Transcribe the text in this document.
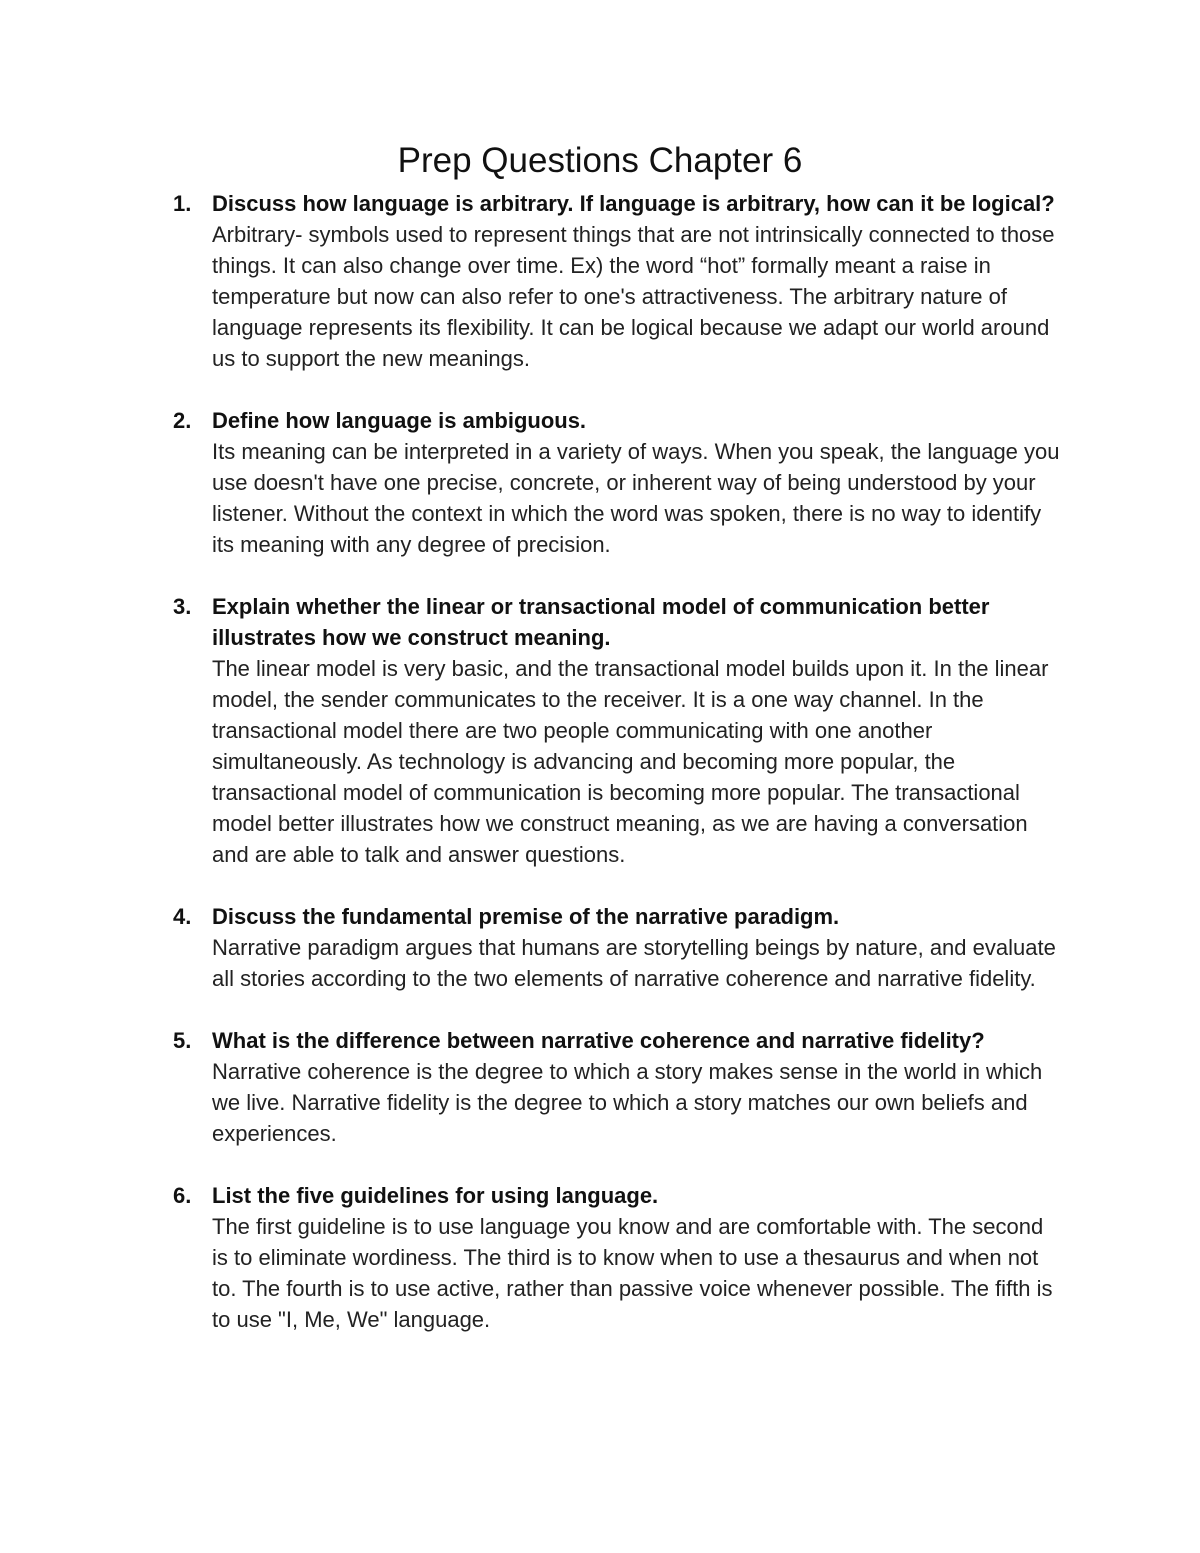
Prep Questions Chapter 6
1. Discuss how language is arbitrary. If language is arbitrary, how can it be logical?
Arbitrary- symbols used to represent things that are not intrinsically connected to those things. It can also change over time. Ex) the word “hot” formally meant a raise in temperature but now can also refer to one's attractiveness. The arbitrary nature of language represents its flexibility. It can be logical because we adapt our world around us to support the new meanings.
2. Define how language is ambiguous.
Its meaning can be interpreted in a variety of ways. When you speak, the language you use doesn't have one precise, concrete, or inherent way of being understood by your listener. Without the context in which the word was spoken, there is no way to identify its meaning with any degree of precision.
3. Explain whether the linear or transactional model of communication better illustrates how we construct meaning.
The linear model is very basic, and the transactional model builds upon it. In the linear model, the sender communicates to the receiver. It is a one way channel. In the transactional model there are two people communicating with one another simultaneously. As technology is advancing and becoming more popular, the transactional model of communication is becoming more popular. The transactional model better illustrates how we construct meaning, as we are having a conversation and are able to talk and answer questions.
4. Discuss the fundamental premise of the narrative paradigm.
Narrative paradigm argues that humans are storytelling beings by nature, and evaluate all stories according to the two elements of narrative coherence and narrative fidelity.
5. What is the difference between narrative coherence and narrative fidelity?
Narrative coherence is the degree to which a story makes sense in the world in which we live. Narrative fidelity is the degree to which a story matches our own beliefs and experiences.
6. List the five guidelines for using language.
The first guideline is to use language you know and are comfortable with. The second is to eliminate wordiness. The third is to know when to use a thesaurus and when not to. The fourth is to use active, rather than passive voice whenever possible. The fifth is to use "I, Me, We" language.
